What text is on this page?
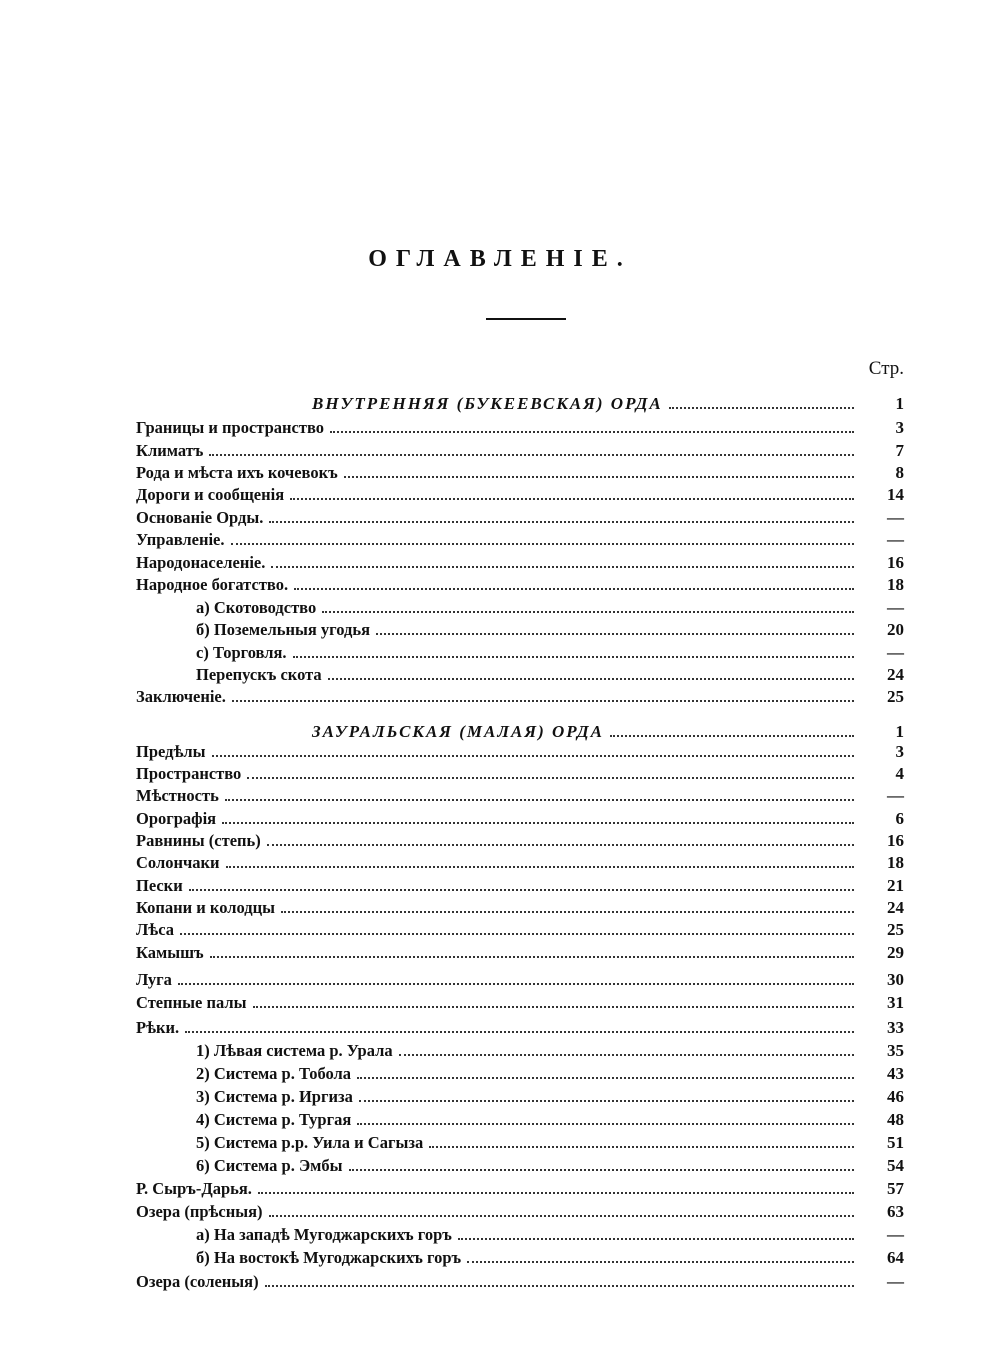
ОГЛАВЛЕНІЕ.
Стр.
ВНУТРЕННЯЯ (БУКЕЕВСКАЯ) ОРДА	1
Границы и пространство	3
Климатъ	7
Рода и мѣста ихъ кочевокъ	8
Дороги и сообщенія	14
Основаніе Орды.	—
Управленіе.	—
Народонаселеніе.	16
Народное богатство.	18
а) Скотоводство	—
б) Поземельныя угодья	20
с) Торговля.	—
Перепускъ скота	24
Заключеніе.	25
ЗАУРАЛЬСКАЯ (МАЛАЯ) ОРДА	1
Предѣлы	3
Пространство	4
Мѣстность	—
Орографія	6
Равнины (степь)	16
Солончаки	18
Пески	21
Копани и колодцы	24
Лѣса	25
Камышъ	29
Луга	30
Степные палы	31
Рѣки.	33
1) Лѣвая система р. Урала	35
2) Система р. Тобола	43
3) Система р. Иргиза	46
4) Система р. Тургая	48
5) Система р.р. Уила и Сагыза	51
6) Система р. Эмбы	54
Р. Сыръ-Дарья.	57
Озера (прѣсныя)	63
а) На западѣ Мугоджарскихъ горъ	—
б) На востокѣ Мугоджарскихъ горъ	64
Озера (соленыя)	—
